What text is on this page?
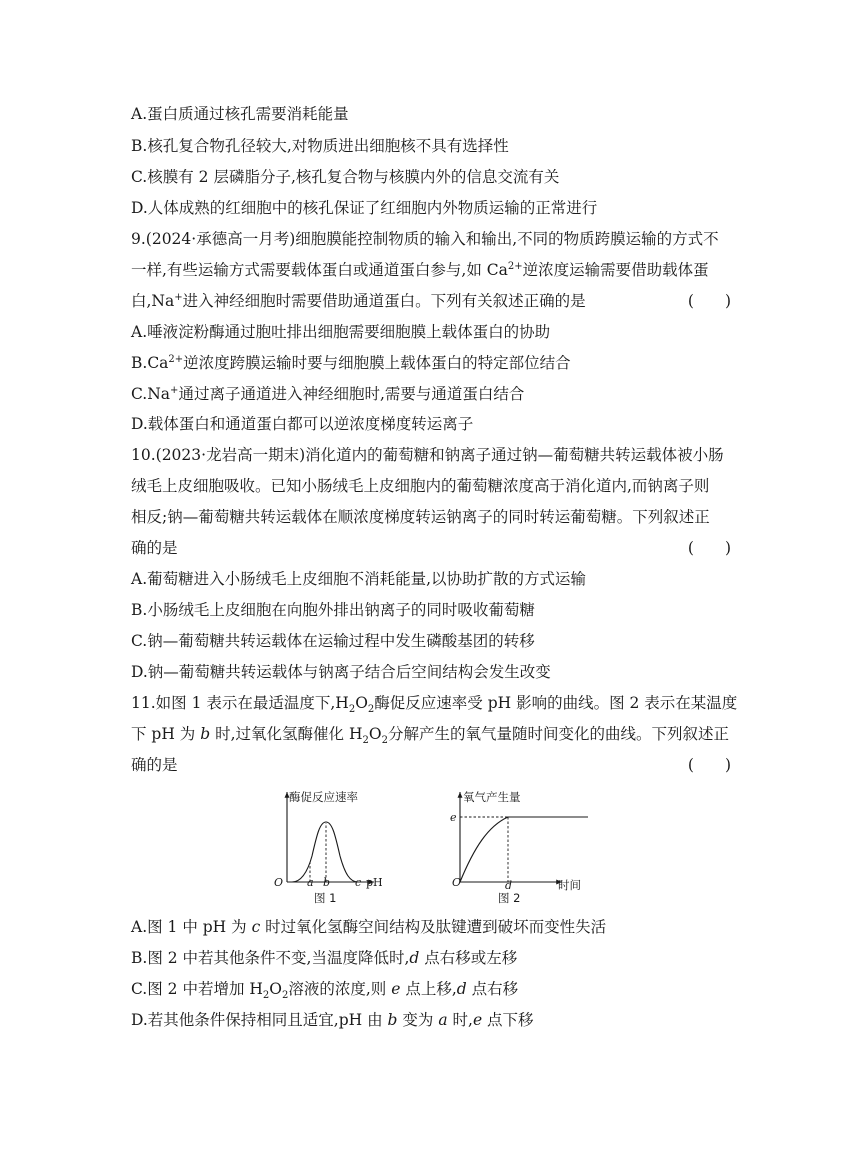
A.蛋白质通过核孔需要消耗能量
B.核孔复合物孔径较大,对物质进出细胞核不具有选择性
C.核膜有 2 层磷脂分子,核孔复合物与核膜内外的信息交流有关
D.人体成熟的红细胞中的核孔保证了红细胞内外物质运输的正常进行
9.(2024·承德高一月考)细胞膜能控制物质的输入和输出,不同的物质跨膜运输的方式不
一样,有些运输方式需要载体蛋白或通道蛋白参与,如 $Ca^{2+}$逆浓度运输需要借助载体蛋
白,Na+进入神经细胞时需要借助通道蛋白。下列有关叙述正确的是	(　　)
A.唾液淀粉酶通过胞吐排出细胞需要细胞膜上载体蛋白的协助
$B.Ca^{2+}$逆浓度跨膜运输时要与细胞膜上载体蛋白的特定部位结合
C.Na+通过离子通道进入神经细胞时,需要与通道蛋白结合
D.载体蛋白和通道蛋白都可以逆浓度梯度转运离子
10.(2023·龙岩高一期末)消化道内的葡萄糖和钠离子通过钠—葡萄糖共转运载体被小肠
绒毛上皮细胞吸收。已知小肠绒毛上皮细胞内的葡萄糖浓度高于消化道内,而钠离子则
相反;钠—葡萄糖共转运载体在顺浓度梯度转运钠离子的同时转运葡萄糖。下列叙述正
确的是	(　　)
A.葡萄糖进入小肠绒毛上皮细胞不消耗能量,以协助扩散的方式运输
B.小肠绒毛上皮细胞在向胞外排出钠离子的同时吸收葡萄糖
C.钠—葡萄糖共转运载体在运输过程中发生磷酸基团的转移
D.钠—葡萄糖共转运载体与钠离子结合后空间结构会发生改变
11.如图 1 表示在最适温度下$,H_2O_2$酶促反应速率受 pH 影响的曲线。图 2 表示在某温度
下 pH 为 b 时,过氧化氢酶催化 $H_2O_2$分解产生的氧气量随时间变化的曲线。下列叙述正
确的是	(　　)
酶促反应速率
O a b c pH
图 1
氧气产生量
e
O	d	时间
图 2
A.图 1 中 pH 为 c 时过氧化氢酶空间结构及肽键遭到破坏而变性失活
B.图 2 中若其他条件不变,当温度降低时,d 点右移或左移
C.图 2 中若增加 $H_2O_2$溶液的浓度,则 e 点上移,d 点右移
D.若其他条件保持相同且适宜,pH 由 b 变为 a 时,e 点下移
